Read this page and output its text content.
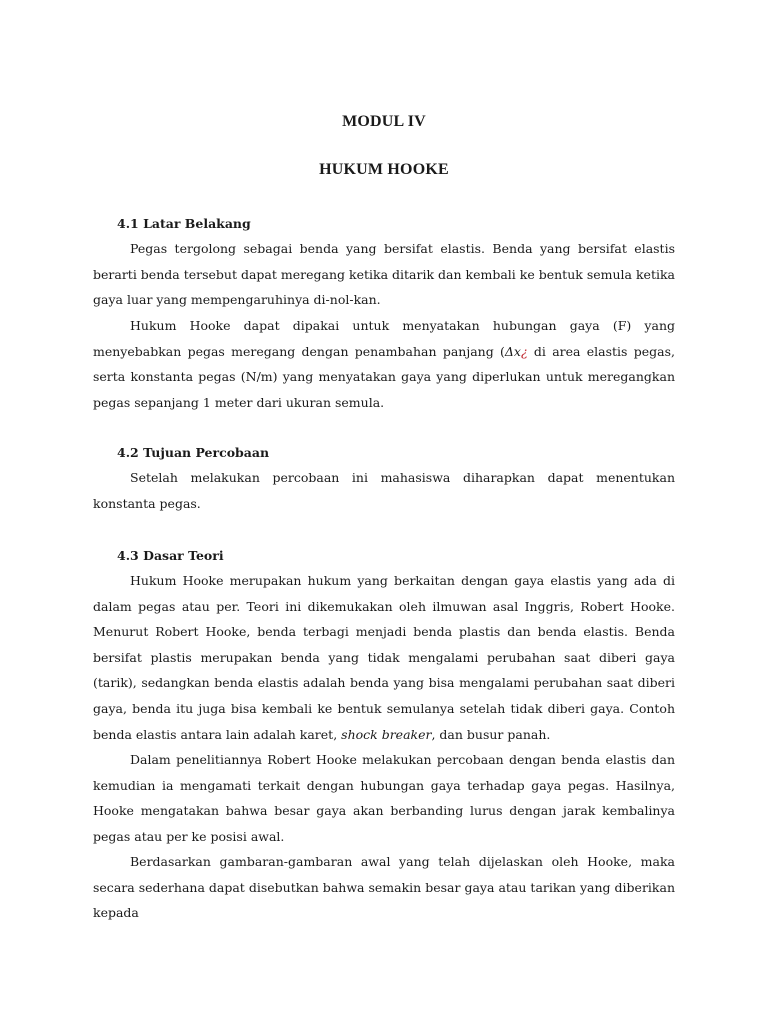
MODUL IV
HUKUM HOOKE
4.1 Latar Belakang

Pegas tergolong sebagai benda yang bersifat elastis. Benda yang bersifat elastis berarti benda tersebut dapat meregang ketika ditarik dan kembali ke bentuk semula ketika gaya luar yang mempengaruhinya di-nol-kan.

Hukum Hooke dapat dipakai untuk menyatakan hubungan gaya (F) yang menyebabkan pegas meregang dengan penambahan panjang (Δx¿ di area elastis pegas, serta konstanta pegas (N/m) yang menyatakan gaya yang diperlukan untuk meregangkan pegas sepanjang 1 meter dari ukuran semula.

4.2 Tujuan Percobaan

Setelah melakukan percobaan ini mahasiswa diharapkan dapat menentukan konstanta pegas.

4.3 Dasar Teori

Hukum Hooke merupakan hukum yang berkaitan dengan gaya elastis yang ada di dalam pegas atau per. Teori ini dikemukakan oleh ilmuwan asal Inggris, Robert Hooke. Menurut Robert Hooke, benda terbagi menjadi benda plastis dan benda elastis. Benda bersifat plastis merupakan benda yang tidak mengalami perubahan saat diberi gaya (tarik), sedangkan benda elastis adalah benda yang bisa mengalami perubahan saat diberi gaya, benda itu juga bisa kembali ke bentuk semulanya setelah tidak diberi gaya. Contoh benda elastis antara lain adalah karet, shock breaker, dan busur panah.

Dalam penelitiannya Robert Hooke melakukan percobaan dengan benda elastis dan kemudian ia mengamati terkait dengan hubungan gaya terhadap gaya pegas. Hasilnya, Hooke mengatakan bahwa besar gaya akan berbanding lurus dengan jarak kembalinya pegas atau per ke posisi awal.

Berdasarkan gambaran-gambaran awal yang telah dijelaskan oleh Hooke, maka secara sederhana dapat disebutkan bahwa semakin besar gaya atau tarikan yang diberikan kepada
